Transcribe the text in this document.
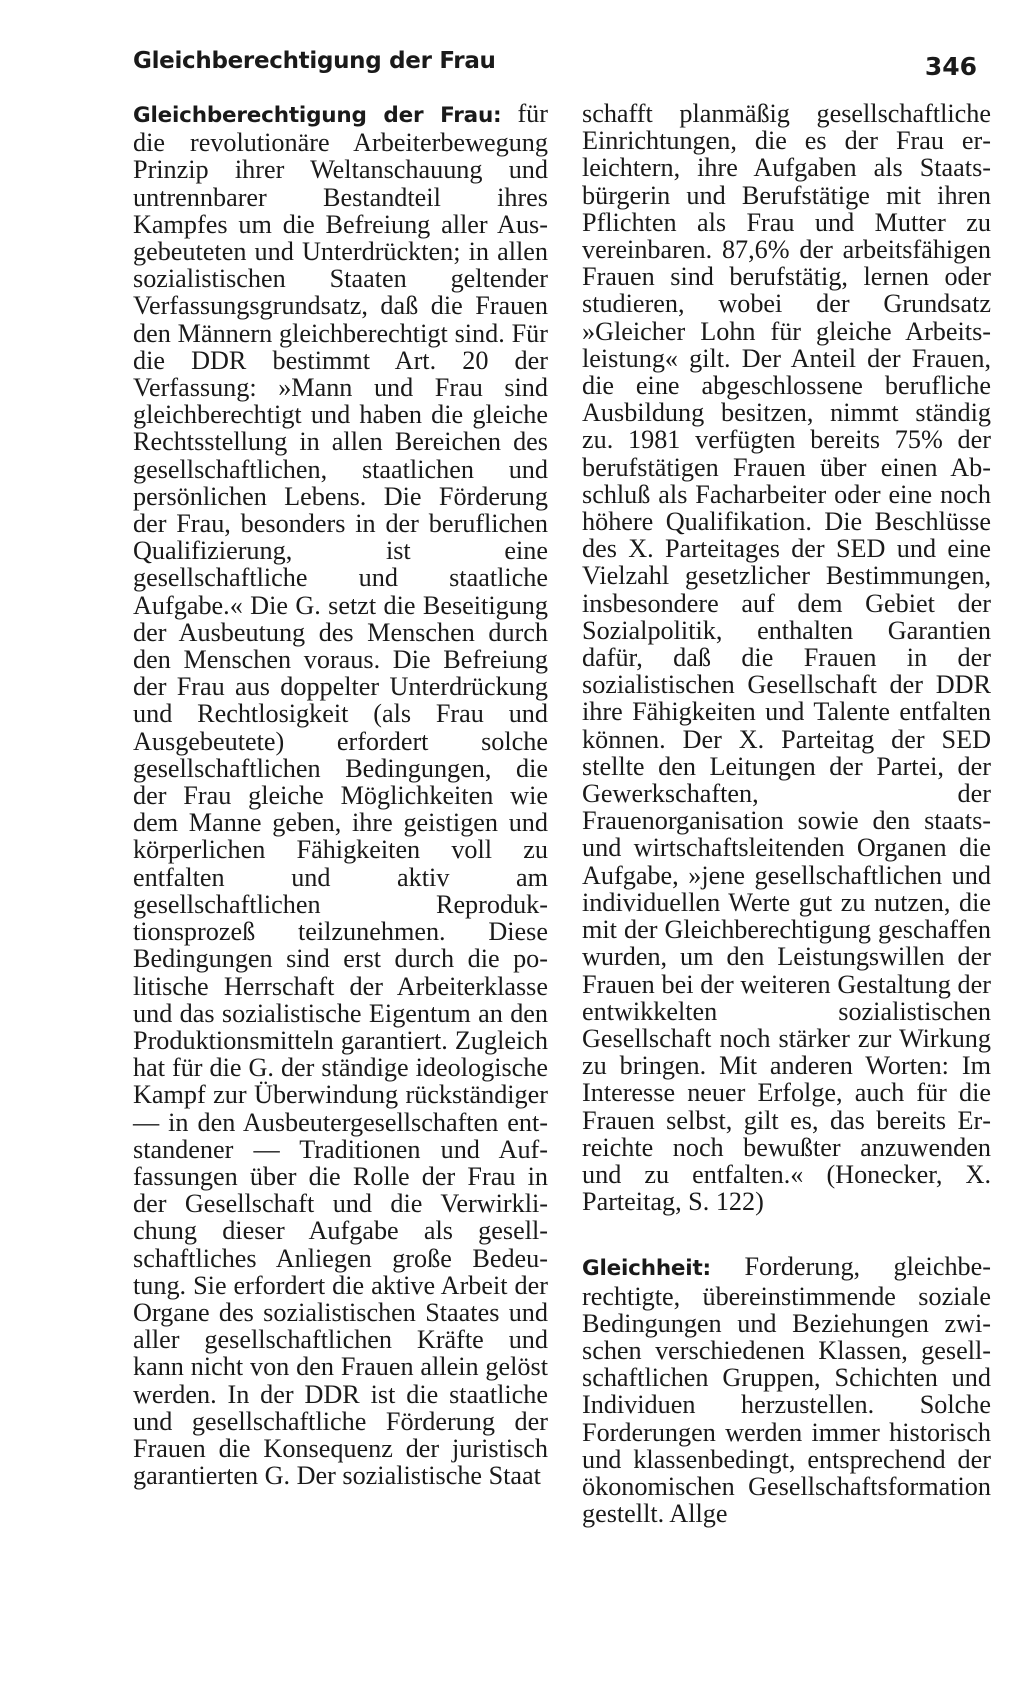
Gleichberechtigung der Frau	346

Gleichberechtigung der Frau: für die revolutionäre Arbeiterbewegung Prinzip ihrer Weltanschauung und untrennbarer Bestandteil ihres Kampfes um die Befreiung aller Ausgebeuteten und Unterdrückten; in allen sozialistischen Staaten geltender Verfassungsgrundsatz, daß die Frauen den Männern gleichberechtigt sind. Für die DDR bestimmt Art. 20 der Verfassung: »Mann und Frau sind gleichberechtigt und haben die gleiche Rechtsstellung in allen Bereichen des gesellschaftlichen, staatlichen und persönlichen Lebens. Die Förderung der Frau, besonders in der beruflichen Qualifizierung, ist eine gesellschaftliche und staatliche Aufgabe.« Die G. setzt die Beseitigung der Ausbeutung des Menschen durch den Menschen voraus. Die Befreiung der Frau aus doppelter Unterdrückung und Rechtlosigkeit (als Frau und Ausgebeutete) erfordert solche gesellschaftlichen Bedingungen, die der Frau gleiche Möglichkeiten wie dem Manne geben, ihre geistigen und körperlichen Fähigkeiten voll zu entfalten und aktiv am gesellschaftlichen Reproduktionsprozeß teilzunehmen. Diese Bedingungen sind erst durch die politische Herrschaft der Arbeiterklasse und das sozialistische Eigentum an den Produktionsmitteln garantiert. Zugleich hat für die G. der ständige ideologische Kampf zur Überwindung rückständiger — in den Ausbeutergesellschaften entstandener — Traditionen und Auffassungen über die Rolle der Frau in der Gesellschaft und die Verwirklichung dieser Aufgabe als gesellschaftliches Anliegen große Bedeutung. Sie erfordert die aktive Arbeit der Organe des sozialistischen Staates und aller gesellschaftlichen Kräfte und kann nicht von den Frauen allein gelöst werden. In der DDR ist die staatliche und gesellschaftliche Förderung der Frauen die Konsequenz der juristisch garantierten G. Der sozialistische Staat

schafft planmäßig gesellschaftliche Einrichtungen, die es der Frau erleichtern, ihre Aufgaben als Staatsbürgerin und Berufstätige mit ihren Pflichten als Frau und Mutter zu vereinbaren. 87,6% der arbeitsfähigen Frauen sind berufstätig, lernen oder studieren, wobei der Grundsatz »Gleicher Lohn für gleiche Arbeitsleistung« gilt. Der Anteil der Frauen, die eine abgeschlossene berufliche Ausbildung besitzen, nimmt ständig zu. 1981 verfügten bereits 75% der berufstätigen Frauen über einen Abschluß als Facharbeiter oder eine noch höhere Qualifikation. Die Beschlüsse des X. Parteitages der SED und eine Vielzahl gesetzlicher Bestimmungen, insbesondere auf dem Gebiet der Sozialpolitik, enthalten Garantien dafür, daß die Frauen in der sozialistischen Gesellschaft der DDR ihre Fähigkeiten und Talente entfalten können. Der X. Parteitag der SED stellte den Leitungen der Partei, der Gewerkschaften, der Frauenorganisation sowie den staats- und wirtschaftsleitenden Organen die Aufgabe, »jene gesellschaftlichen und individuellen Werte gut zu nutzen, die mit der Gleichberechtigung geschaffen wurden, um den Leistungswillen der Frauen bei der weiteren Gestaltung der entwikkelten sozialistischen Gesellschaft noch stärker zur Wirkung zu bringen. Mit anderen Worten: Im Interesse neuer Erfolge, auch für die Frauen selbst, gilt es, das bereits Erreichte noch bewußter anzuwenden und zu entfalten.« (Honecker, X. Parteitag, S. 122)

Gleichheit: Forderung, gleichberechtigte, übereinstimmende soziale Bedingungen und Beziehungen zwischen verschiedenen Klassen, gesellschaftlichen Gruppen, Schichten und Individuen herzustellen. Solche Forderungen werden immer historisch und klassenbedingt, entsprechend der ökonomischen Gesellschaftsformation gestellt. Allge
